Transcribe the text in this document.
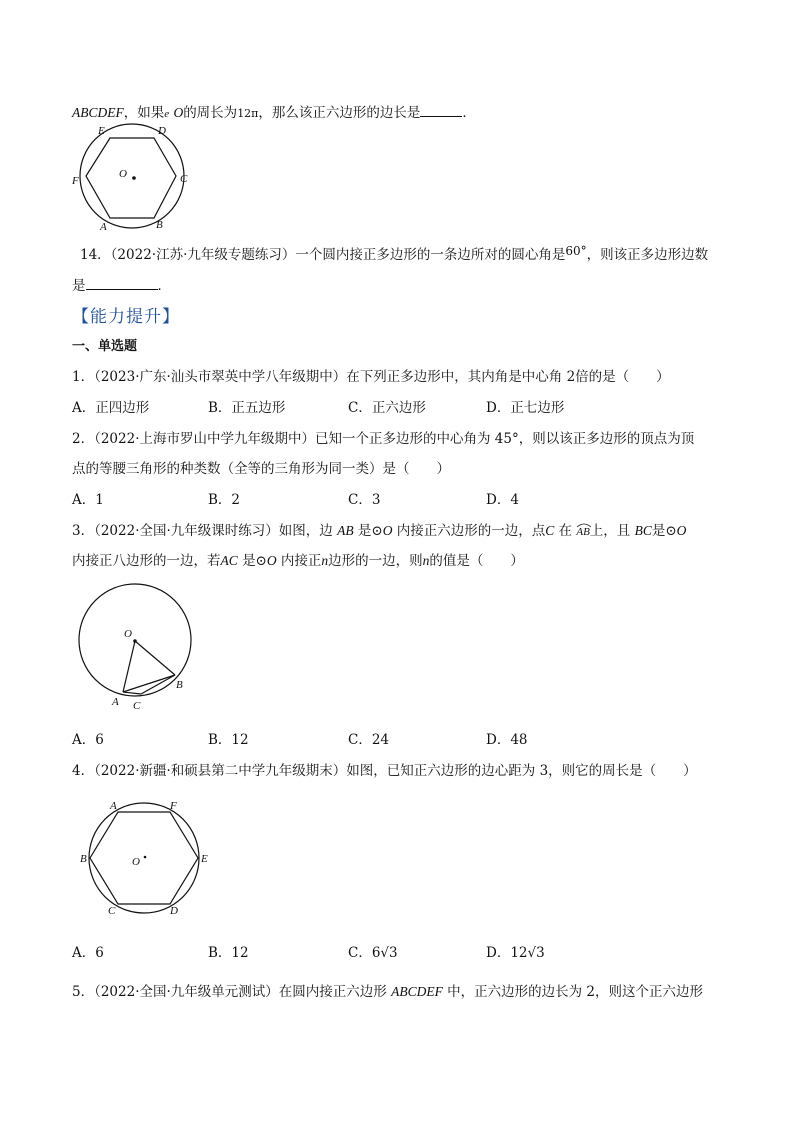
ABCDEF，如果e O的周长为12π，那么该正六边形的边长是	．
E	D
F	C
A	B
O
14．（2022·江苏·九年级专题练习）一个圆内接正多边形的一条边所对的圆心角是60°，则该正多边形边数
是	．
【能力提升】
一、单选题
1．（2023·广东·汕头市翠英中学八年级期中）在下列正多边形中，其内角是中心角 2倍的是（　　）
A．正四边形	B．正五边形	C．正六边形	D．正七边形
2．（2022·上海市罗山中学九年级期中）已知一个正多边形的中心角为 45°，则以该正多边形的顶点为顶
点的等腰三角形的种类数（全等的三角形为同一类）是（　　）
A．1	B．2	C．3	D．4
3．（2022·全国·九年级课时练习）如图，边 AB 是⊙O 内接正六边形的一边，点C 在 AB
上，且 BC是⊙O
内接正八边形的一边，若AC 是⊙O 内接正n边形的一边，则n的值是（　　）
O
A
B
C
A．6	B．12	C．24	D．48
4．（2022·新疆·和硕县第二中学九年级期末）如图，已知正六边形的边心距为 3，则它的周长是（　　）
A	F
B	E
C	D
O
A．6	B．12	C．6√3	D．12√3
5．（2022·全国·九年级单元测试）在圆内接正六边形 ABCDEF 中，正六边形的边长为 2，则这个正六边形
